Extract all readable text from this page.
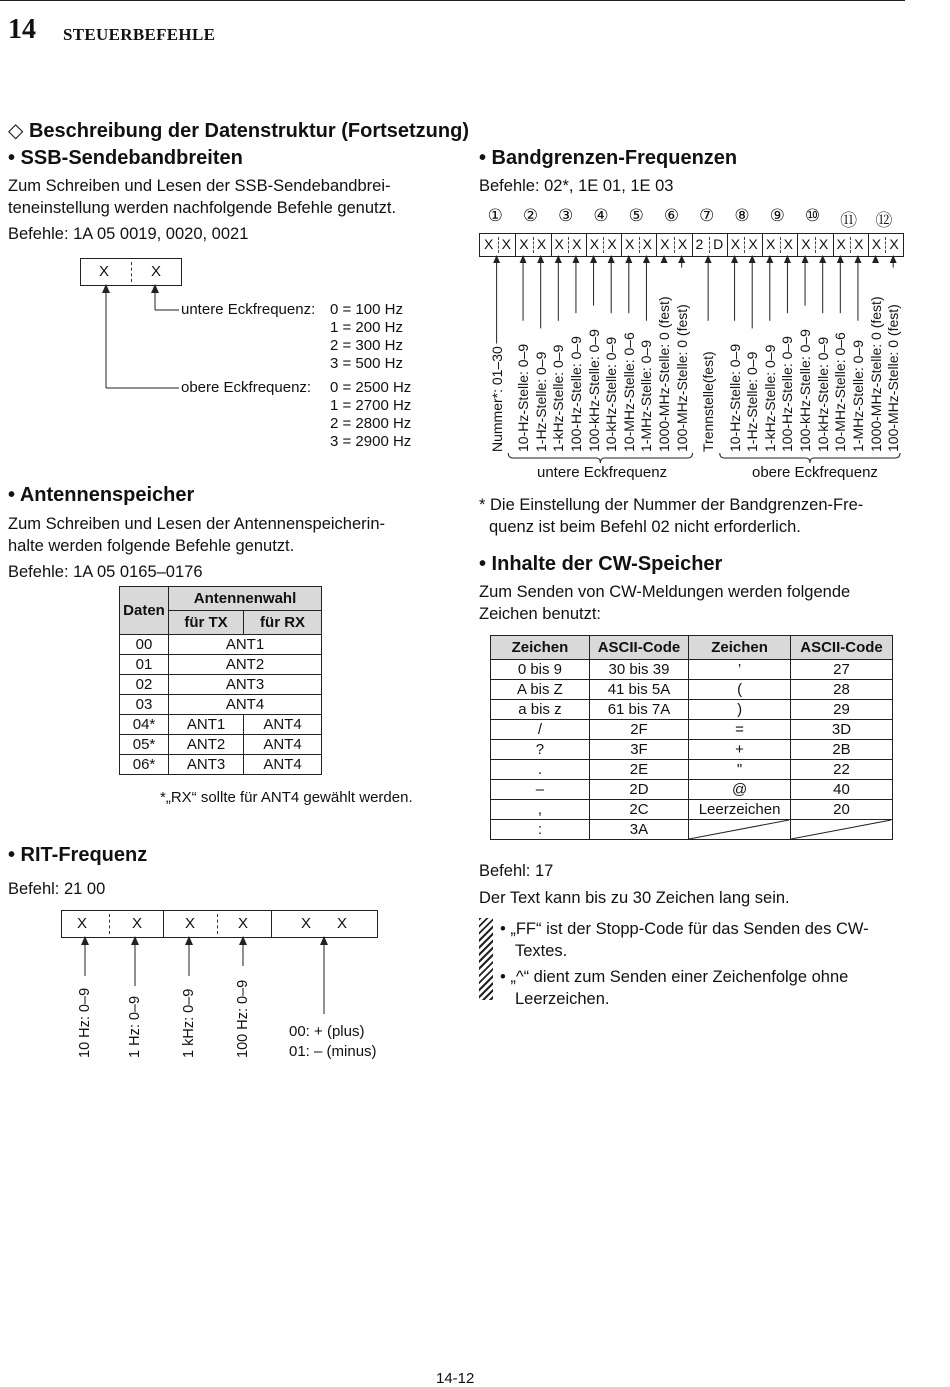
14 STEUERBEFEHLE
◇ Beschreibung der Datenstruktur (Fortsetzung)
• SSB-Sendebandbreiten
Zum Schreiben und Lesen der SSB-Sendebandbrei-
teneinstellung werden nachfolgende Befehle genutzt.
Befehle: 1A 05 0019, 0020, 0021
X	X
untere Eckfrequenz: 0 = 100 Hz
1 = 200 Hz
2 = 300 Hz
3 = 500 Hz
obere Eckfrequenz: 0 = 2500 Hz
1 = 2700 Hz
2 = 2800 Hz
3 = 2900 Hz
• Antennenspeicher
Zum Schreiben und Lesen der Antennenspeicherin-
halte werden folgende Befehle genutzt.
Befehle: 1A 05 0165–0176
Daten	Antennenwahl	
	für TX	für RX
00	ANT1	
01	ANT2	
02	ANT3	
03	ANT4	
04*	ANT1	ANT4
05*	ANT2	ANT4
06*	ANT3	ANT4
*„RX“ sollte für ANT4 gewählt werden.
• RIT-Frequenz
Befehl: 21 00
X	X	X	X	X X
10 Hz: 0–9 1 Hz: 0–9	1 kHz: 0–9	100 Hz: 0–9	00: + (plus)
01: – (minus)
• Bandgrenzen-Frequenzen
Befehle: 02*, 1E 01, 1E 03
① ② ③ ④ ⑤ ⑥ ⑦ ⑧ ⑨ ⑩ ⑪ ⑫
X X X X X X X X X X X X 2 D X X X X X X X X X X
Nummer*: 01–30 10-Hz-Stelle: 0–9 1-Hz-Stelle: 0–9 1-kHz-Stelle: 0–9 100-Hz-Stelle: 0–9 100-kHz-Stelle: 0–9 10-kHz-Stelle: 0–9 10-MHz-Stelle: 0–6 1-MHz-Stelle: 0–9 1000-MHz-Stelle: 0 (fest) 100-MHz-Stelle: 0 (fest) Trennstelle(fest) 10-Hz-Stelle: 0–9 1-Hz-Stelle: 0–9 1-kHz-Stelle: 0–9 100-Hz-Stelle: 0–9 100-kHz-Stelle: 0–9 10-kHz-Stelle: 0–9 10-MHz-Stelle: 0–6 1-MHz-Stelle: 0–9 1000-MHz-Stelle: 0 (fest) 100-MHz-Stelle: 0 (fest)
untere Eckfrequenz	obere Eckfrequenz
* Die Einstellung der Nummer der Bandgrenzen-Fre-
quenz ist beim Befehl 02 nicht erforderlich.
• Inhalte der CW-Speicher
Zum Senden von CW-Meldungen werden folgende
Zeichen benutzt:
Zeichen	ASCII-Code	Zeichen	ASCII-Code
0 bis 9	30 bis 39	’	27
A bis Z	41 bis 5A	(	28
a bis z	61 bis 7A	)	29
/	2F	=	3D
?	3F	+	2B
.	2E	"	22
–	2D	@	40
,	2C	Leerzeichen	20
:	3A	

Befehl: 17
Der Text kann bis zu 30 Zeichen lang sein.
• „FF“ ist der Stopp-Code für das Senden des CW-
Textes.
• „^“ dient zum Senden einer Zeichenfolge ohne
Leerzeichen.
14-12
